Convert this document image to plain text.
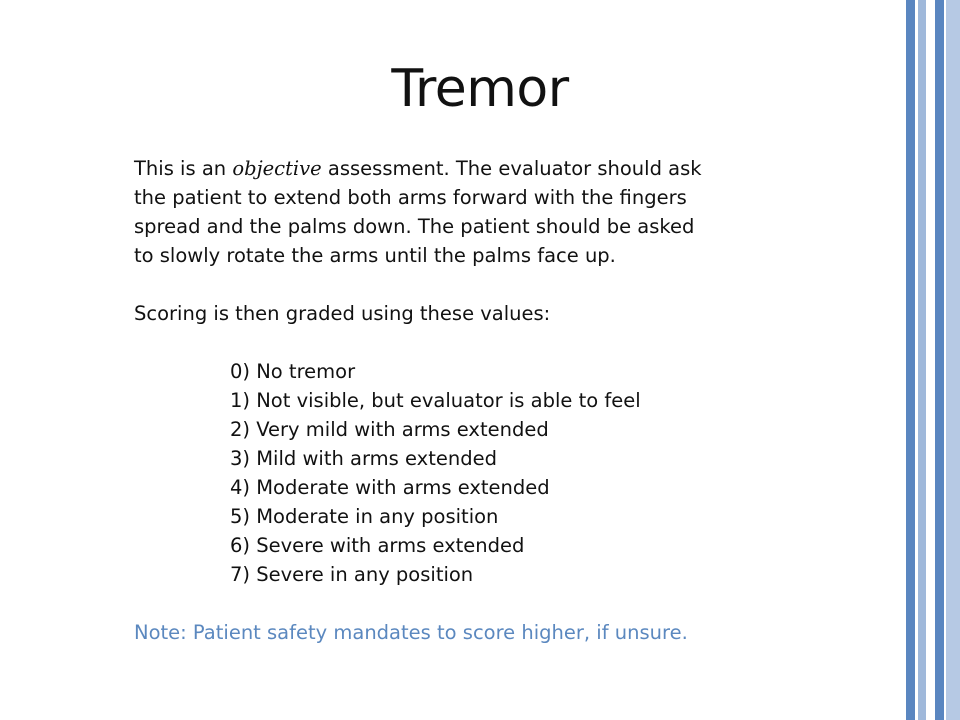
Tremor

This is an objective assessment. The evaluator should ask
the patient to extend both arms forward with the fingers
spread and the palms down. The patient should be asked
to slowly rotate the arms until the palms face up.

Scoring is then graded using these values:

0) No tremor
1) Not visible, but evaluator is able to feel
2) Very mild with arms extended
3) Mild with arms extended
4) Moderate with arms extended
5) Moderate in any position
6) Severe with arms extended
7) Severe in any position

Note: Patient safety mandates to score higher, if unsure.
